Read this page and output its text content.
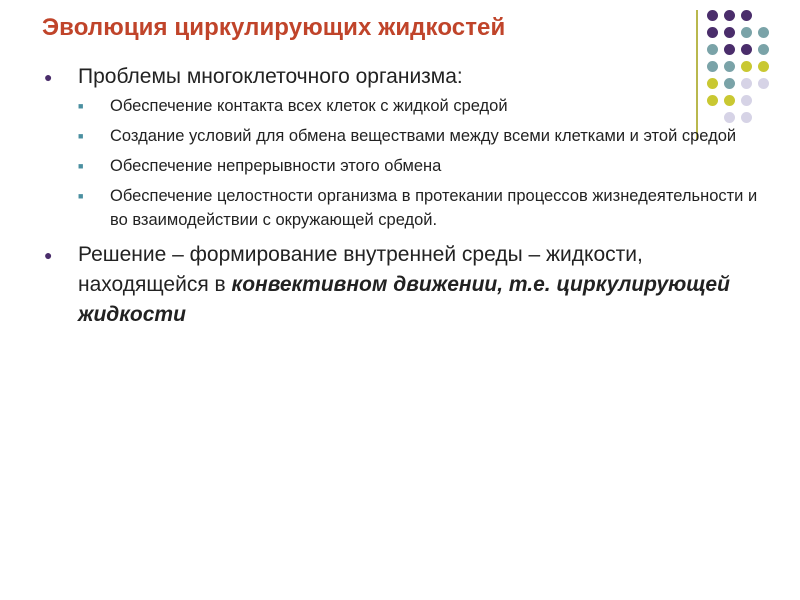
Эволюция циркулирующих жидкостей
● Проблемы многоклеточного организма:
■ Обеспечение контакта всех клеток с жидкой средой
■ Создание условий для обмена веществами между всеми клетками и этой средой
■ Обеспечение непрерывности этого обмена
■ Обеспечение целостности организма в протекании процессов жизнедеятельности и во взаимодействии с окружающей средой.
● Решение – формирование внутренней среды – жидкости, находящейся в конвективном движении, т.е. циркулирующей жидкости
